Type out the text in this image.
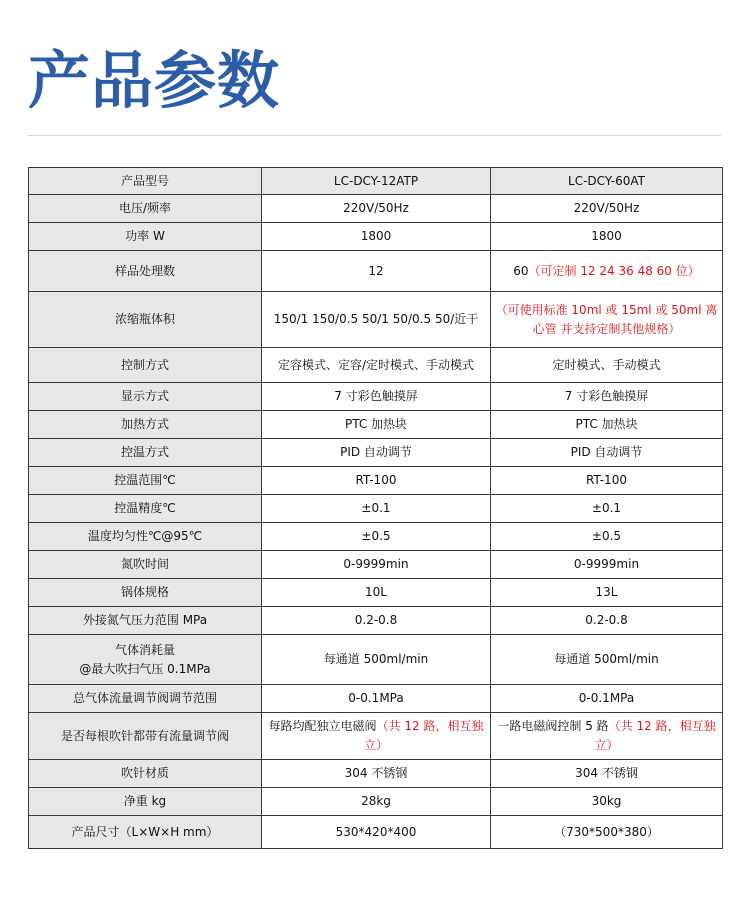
产品参数
产品型号	LC-DCY-12ATP	LC-DCY-60AT
电压/频率	220V/50Hz	220V/50Hz
功率 W	1800	1800
样品处理数	12	60（可定制 12 24 36 48 60 位）
浓缩瓶体积	150/1 150/0.5 50/1 50/0.5 50/近干	（可使用标准 10ml 或 15ml 或 50ml 离心管 并支持定制其他规格）
控制方式	定容模式、定容/定时模式、手动模式	定时模式、手动模式
显示方式	7 寸彩色触摸屏	7 寸彩色触摸屏
加热方式	PTC 加热块	PTC 加热块
控温方式	PID 自动调节	PID 自动调节
控温范围℃	RT-100	RT-100
控温精度℃	±0.1	±0.1
温度均匀性℃@95℃	±0.5	±0.5
氮吹时间	0-9999min	0-9999min
锅体规格	10L	13L
外接氮气压力范围 MPa	0.2-0.8	0.2-0.8

气体消耗量
@最大吹扫气压 0.1MPa	每通道 500ml/min	每通道 500ml/min
总气体流量调节阀调节范围	0-0.1MPa	0-0.1MPa
是否每根吹针都带有流量调节阀	每路均配独立电磁阀（共 12 路，相互独立）	一路电磁阀控制 5 路（共 12 路，相互独立）
吹针材质	304 不锈钢	304 不锈钢
净重 kg	28kg	30kg
产品尺寸（L×W×H mm）	530*420*400	（730*500*380）
